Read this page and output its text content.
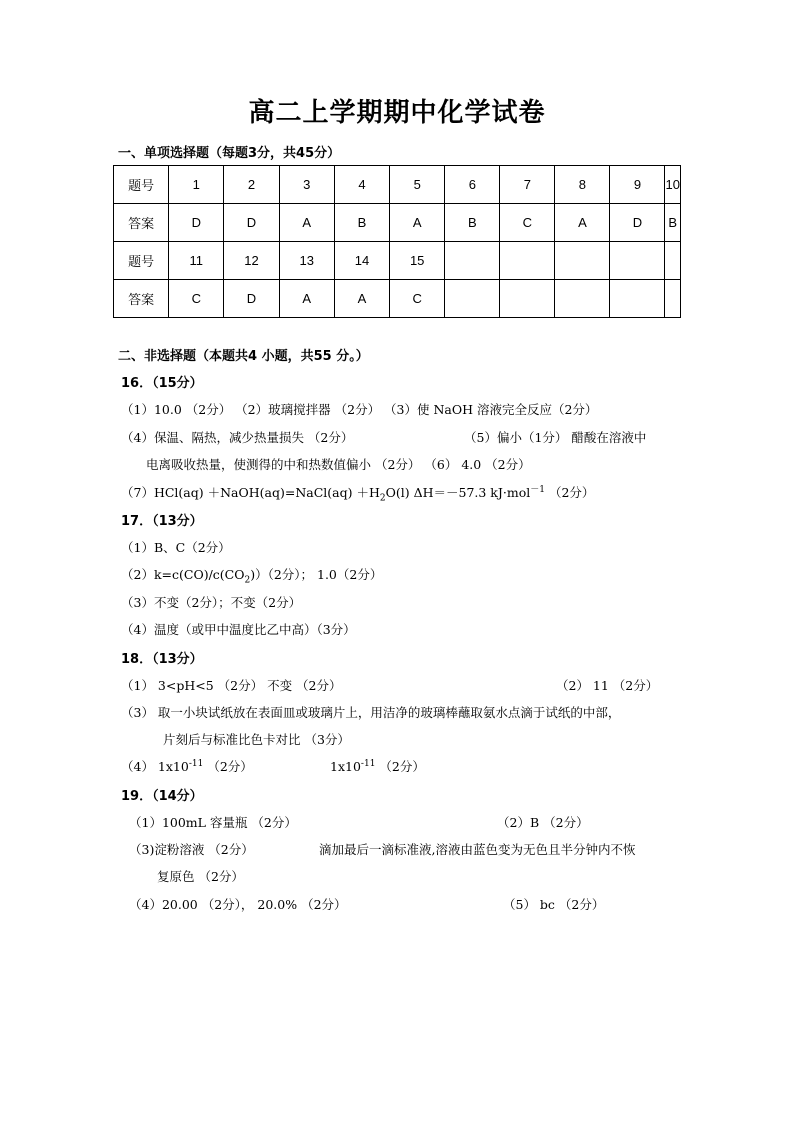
高二上学期期中化学试卷
一、单项选择题（每题3分，共45分）
题号	1	2	3	4	5	6	7	8	9	10
答案	D	D	A	B	A	B	C	A	D	B
题号	11	12	13	14	15					
答案	C	D	A	A	C					
二、非选择题（本题共4 小题，共55 分。）
16．（15分）
（1）10.0 （2分） （2）玻璃搅拌器 （2分） （3）使 NaOH 溶液完全反应（2分）
（4）保温、隔热，减少热量损失 （2分）	（5）偏小（1分） 醋酸在溶液中
电离吸收热量，使测得的中和热数值偏小 （2分） （6） 4.0 （2分）
（7）HCl(aq) ＋NaOH(aq)=NaCl(aq) $+H_2O(l)$ ΔH＝－57.3 kJ·mol$^{-1}$ （2分）
17．（13分）
（1）B、C（2分）
$(2)k=c(CO)/c(CO_2))(2$分）； 1.0（2分）
（3）不变（2分）；不变（2分）
（4）温度（或甲中温度比乙中高）（3分）
18．（13分）
（1） 3<pH<5 （2分） 不变 （2分）	（2） 11 （2分）
（3） 取一小块试纸放在表面皿或玻璃片上，用洁净的玻璃棒蘸取氨水点滴于试纸的中部，
片刻后与标准比色卡对比 （3分）
（4） $1x10^{-11}$ （2分）	$1x10^{-11}$ （2分）
19．（14分）
（1）100mL 容量瓶 （2分）	（2）B （2分）
（3)淀粉溶液 （2分）	滴加最后一滴标准液,溶液由蓝色变为无色且半分钟内不恢
复原色 （2分）
（4）20.00 （2分）， 20.0% （2分）	（5） bc （2分）
